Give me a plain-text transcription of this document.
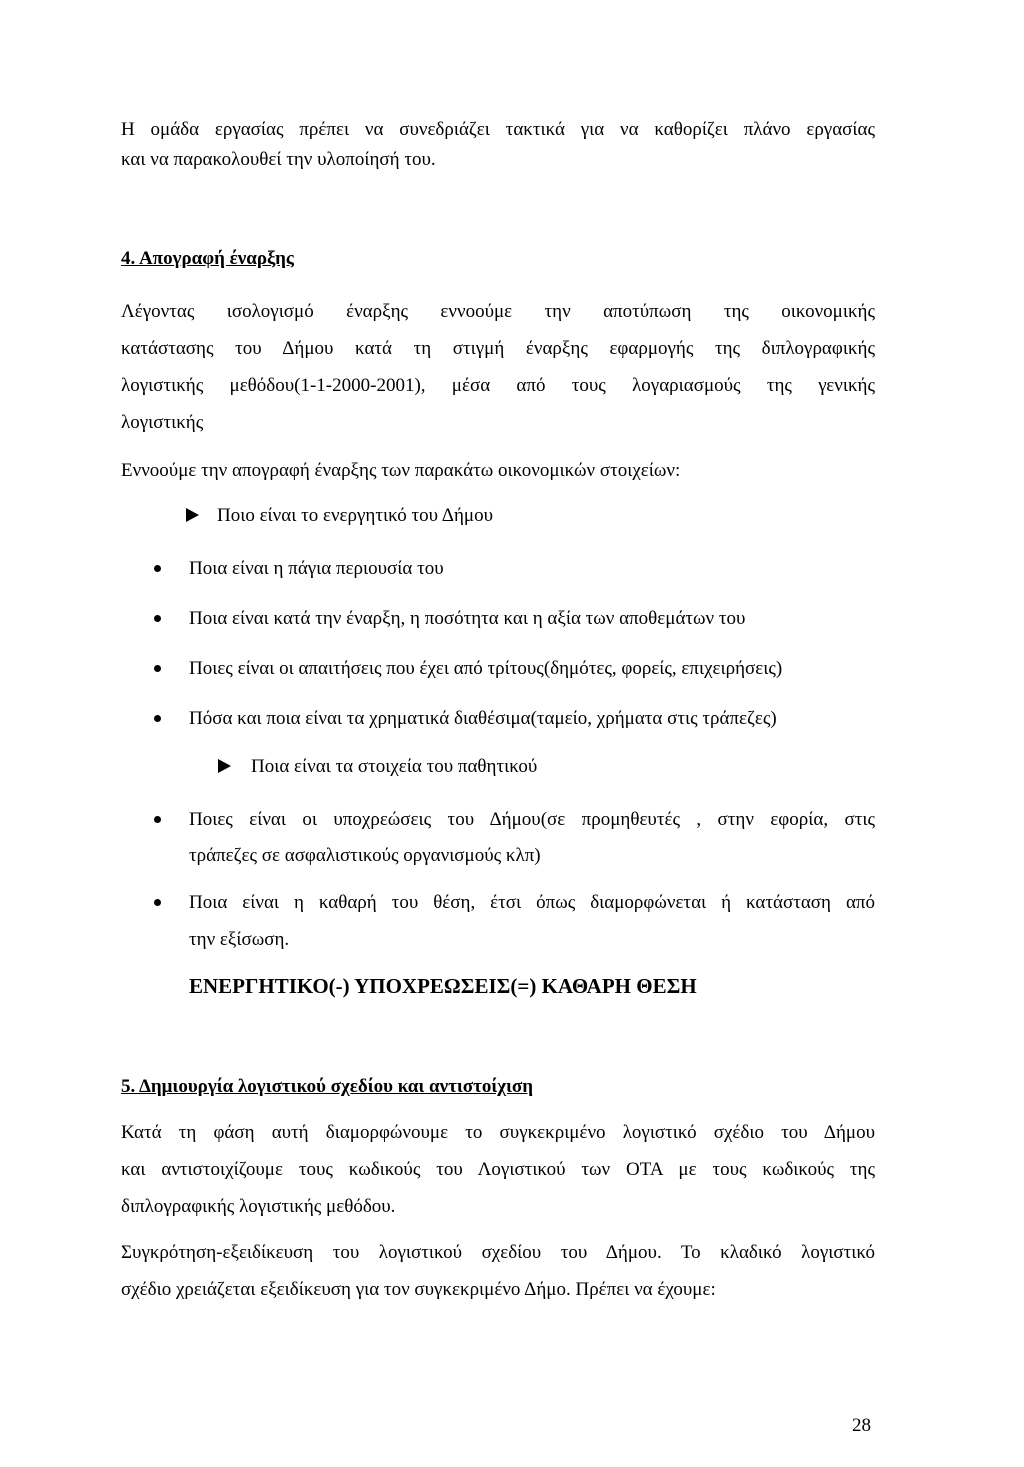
Η ομάδα εργασίας πρέπει να συνεδριάζει τακτικά για να καθορίζει πλάνο εργασίας

και να παρακολουθεί την υλοποίησή του.

4. Απογραφή έναρξης

Λέγοντας ισολογισμό έναρξης εννοούμε την αποτύπωση της οικονομικής

κατάστασης του Δήμου κατά τη στιγμή έναρξης εφαρμογής της διπλογραφικής

λογιστικής μεθόδου(1-1-2000-2001), μέσα από τους λογαριασμούς της γενικής

λογιστικής

Εννοούμε την απογραφή έναρξης των παρακάτω οικονομικών στοιχείων:

Ποιο είναι το ενεργητικό του Δήμου

Ποια είναι η πάγια περιουσία του

Ποια είναι κατά την έναρξη, η ποσότητα και η αξία των αποθεμάτων του

Ποιες είναι οι απαιτήσεις που έχει από τρίτους(δημότες, φορείς, επιχειρήσεις)

Πόσα και ποια είναι τα χρηματικά διαθέσιμα(ταμείο, χρήματα στις τράπεζες)

Ποια είναι τα στοιχεία του παθητικού

Ποιες είναι οι υποχρεώσεις του Δήμου(σε προμηθευτές , στην εφορία, στις

τράπεζες σε ασφαλιστικούς οργανισμούς κλπ)

Ποια είναι η καθαρή του θέση, έτσι όπως διαμορφώνεται ή κατάσταση από

την εξίσωση.

ΕΝΕΡΓΗΤΙΚΟ(-) ΥΠΟΧΡΕΩΣΕΙΣ(=) ΚΑΘΑΡΗ ΘΕΣΗ

5. Δημιουργία λογιστικού σχεδίου και αντιστοίχιση

Κατά τη φάση αυτή διαμορφώνουμε το συγκεκριμένο λογιστικό σχέδιο του Δήμου

και αντιστοιχίζουμε τους κωδικούς του Λογιστικού των ΟΤΑ με τους κωδικούς της

διπλογραφικής λογιστικής μεθόδου.

Συγκρότηση-εξειδίκευση του λογιστικού σχεδίου του Δήμου. Το κλαδικό λογιστικό

σχέδιο χρειάζεται εξειδίκευση για τον συγκεκριμένο Δήμο. Πρέπει να έχουμε:

28
